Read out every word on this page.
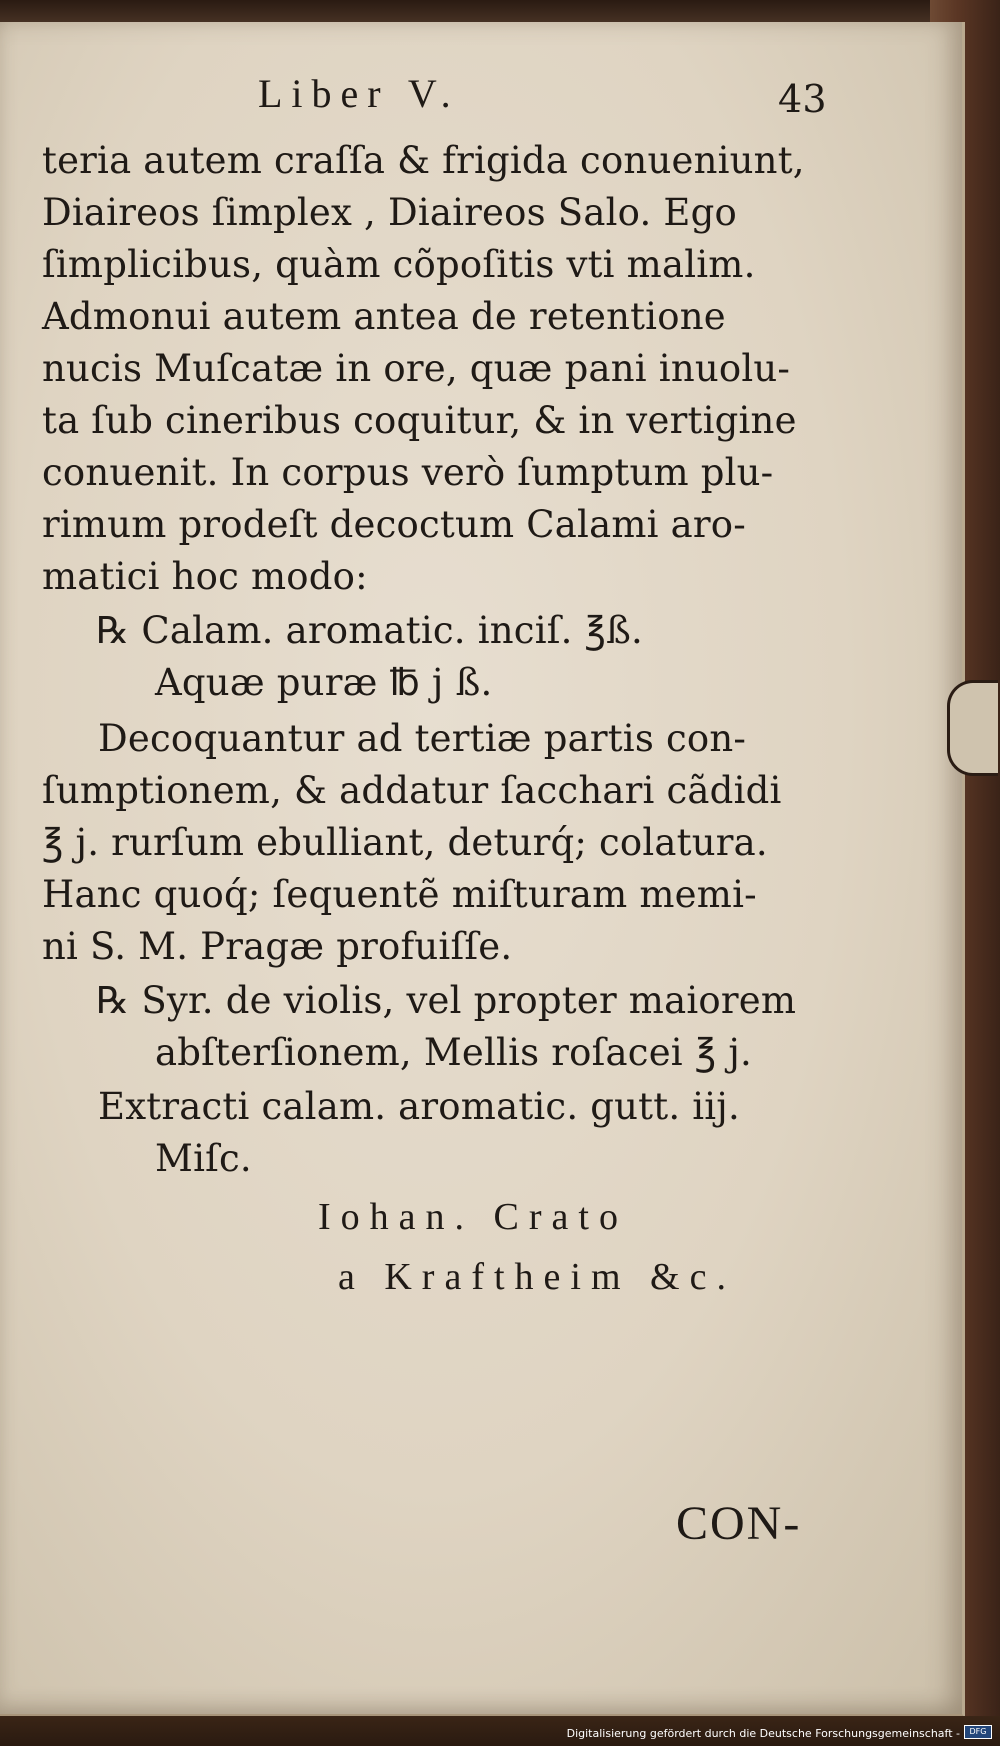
Liber V.	43
teria autem craſſa & frigida conueniunt,
Diaireos ſimplex , Diaireos Salo. Ego
ſimplicibus, quàm cõpoſitis vti malim.
Admonui autem antea de retentione
nucis Muſcatæ in ore, quæ pani inuolu-
ta ſub cineribus coquitur, & in vertigine
conuenit. In corpus verò ſumptum plu-
rimum prodeſt decoctum Calami aro-
matici hoc modo:
℞ Calam. aromatic. inciſ. ℥ß.
Aquæ puræ ℔ j ß.
Decoquantur ad tertiæ partis con-
ſumptionem, & addatur ſacchari cãdidi
℥ j. rurſum ebulliant, deturq́; colatura.
Hanc quoq́; ſequentẽ miſturam memi-
ni S. M. Pragæ profuiſſe.
℞ Syr. de violis, vel propter maiorem
abſterſionem, Mellis roſacei ℥ j.
Extracti calam. aromatic. gutt. iij.
Miſc.
Iohan. Crato
a Kraftheim &c.
CON-
Digitalisierung gefördert durch die Deutsche Forschungsgemeinschaft -	DFG
